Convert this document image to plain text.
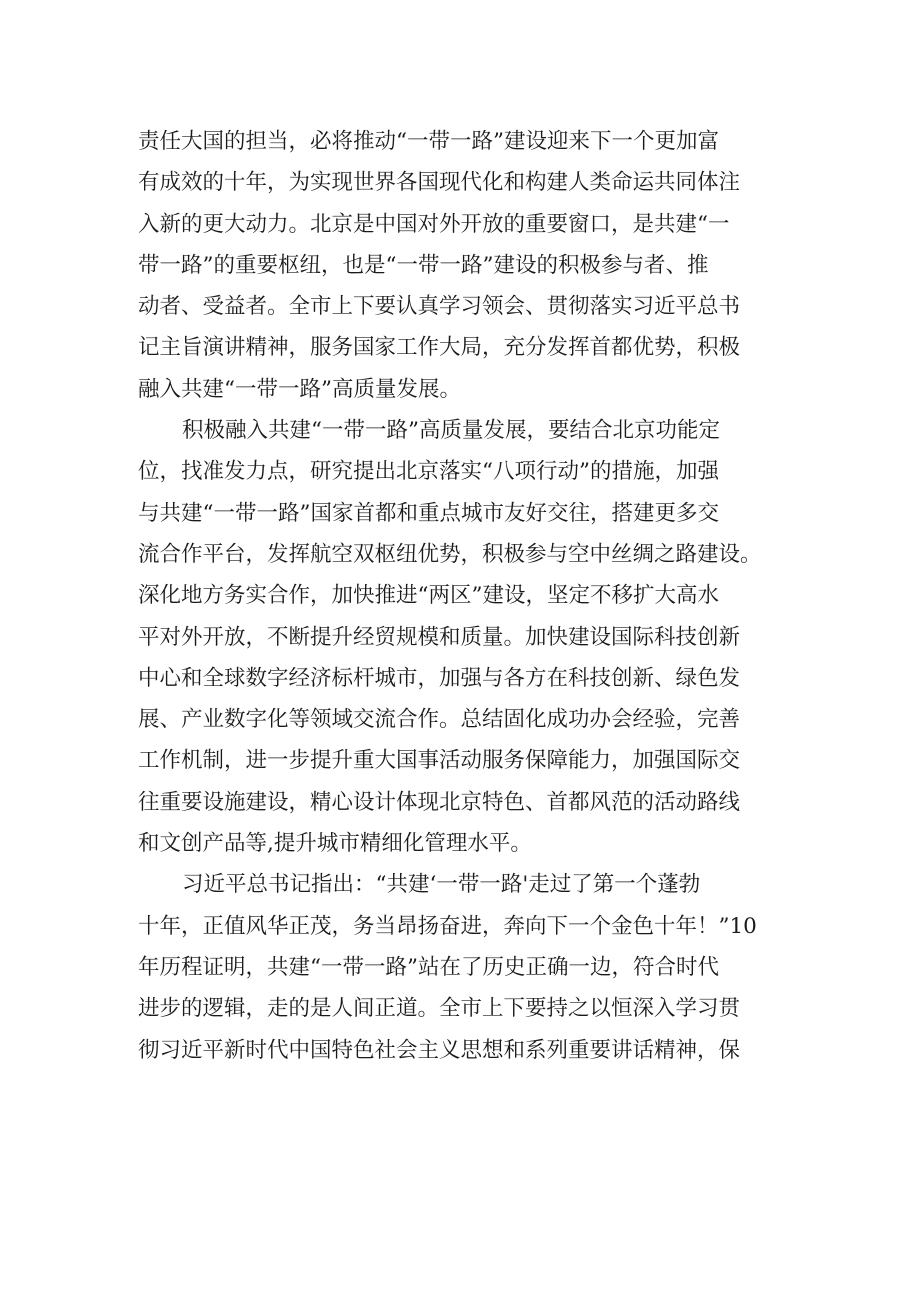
责任大国的担当，必将推动“一带一路”建设迎来下一个更加富
有成效的十年，为实现世界各国现代化和构建人类命运共同体注
入新的更大动力。北京是中国对外开放的重要窗口，是共建“一
带一路”的重要枢纽，也是“一带一路”建设的积极参与者、推
动者、受益者。全市上下要认真学习领会、贯彻落实习近平总书
记主旨演讲精神，服务国家工作大局，充分发挥首都优势，积极
融入共建“一带一路”高质量发展。
积极融入共建“一带一路”高质量发展，要结合北京功能定
位，找准发力点，研究提出北京落实“八项行动”的措施，加强
与共建“一带一路”国家首都和重点城市友好交往，搭建更多交
流合作平台，发挥航空双枢纽优势，积极参与空中丝绸之路建设。
深化地方务实合作，加快推进“两区”建设，坚定不移扩大高水
平对外开放，不断提升经贸规模和质量。加快建设国际科技创新
中心和全球数字经济标杆城市，加强与各方在科技创新、绿色发
展、产业数字化等领域交流合作。总结固化成功办会经验，完善
工作机制，进一步提升重大国事活动服务保障能力，加强国际交
往重要设施建设，精心设计体现北京特色、首都风范的活动路线
和文创产品等,提升城市精细化管理水平。
习近平总书记指出：“共建‘一带一路'走过了第一个蓬勃
十年，正值风华正茂，务当昂扬奋进，奔向下一个金色十年！”10
年历程证明，共建“一带一路”站在了历史正确一边，符合时代
进步的逻辑，走的是人间正道。全市上下要持之以恒深入学习贯
彻习近平新时代中国特色社会主义思想和系列重要讲话精神，保
